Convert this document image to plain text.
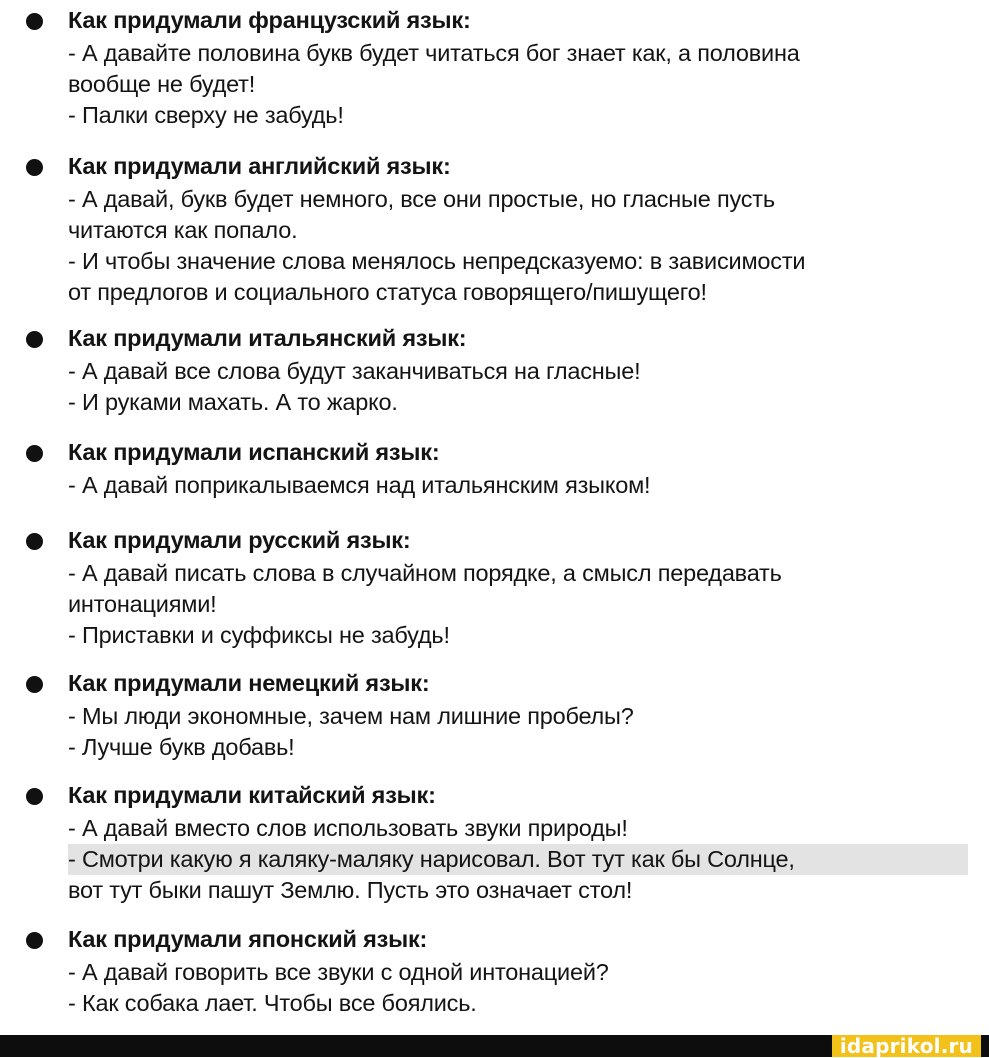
Как придумали французский язык:
- А давайте половина букв будет читаться бог знает как, а половина
вообще не будет!
- Палки сверху не забудь!
Как придумали английский язык:
- А давай, букв будет немного, все они простые, но гласные пусть
читаются как попало.
- И чтобы значение слова менялось непредсказуемо: в зависимости
от предлогов и социального статуса говорящего/пишущего!
Как придумали итальянский язык:
- А давай все слова будут заканчиваться на гласные!
- И руками махать. А то жарко.
Как придумали испанский язык:
- А давай поприкалываемся над итальянским языком!
Как придумали русский язык:
- А давай писать слова в случайном порядке, а смысл передавать
интонациями!
- Приставки и суффиксы не забудь!
Как придумали немецкий язык:
- Мы люди экономные, зачем нам лишние пробелы?
- Лучше букв добавь!
Как придумали китайский язык:
- А давай вместо слов использовать звуки природы!
- Смотри какую я каляку-маляку нарисовал. Вот тут как бы Солнце,
вот тут быки пашут Землю. Пусть это означает стол!
Как придумали японский язык:
- А давай говорить все звуки с одной интонацией?
- Как собака лает. Чтобы все боялись.
idaprikol.ru
